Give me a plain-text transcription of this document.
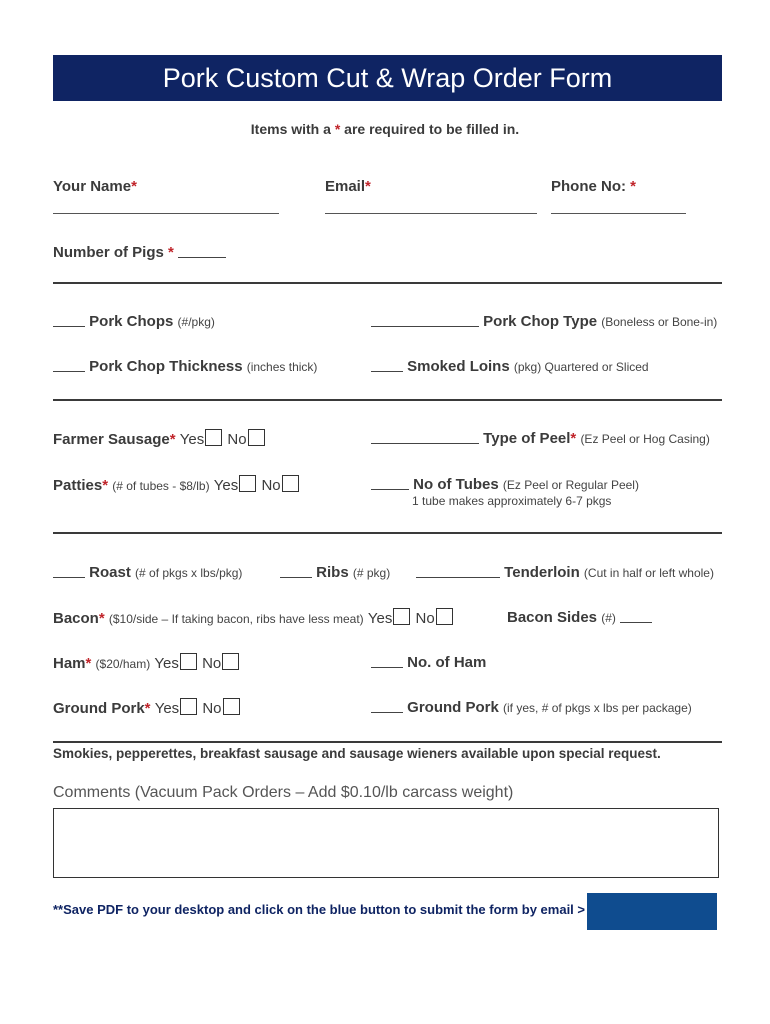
Pork Custom Cut & Wrap Order Form
Items with a * are required to be filled in.
Your Name*	Email*	Phone No: *
Number of Pigs *
Pork Chops (#/pkg)	Pork Chop Type (Boneless or Bone-in)
Pork Chop Thickness (inches thick)	Smoked Loins (pkg) Quartered or Sliced
Farmer Sausage* Yes No	Type of Peel* (Ez Peel or Hog Casing)
Patties* (# of tubes - $8/lb) Yes No	No of Tubes (Ez Peel or Regular Peel)
1 tube makes approximately 6-7 pkgs
Roast (# of pkgs x lbs/pkg)	Ribs (# pkg)	Tenderloin (Cut in half or left whole)
Bacon* ($10/side – If taking bacon, ribs have less meat) Yes No	Bacon Sides (#)
Ham* ($20/ham) Yes No	No. of Ham
Ground Pork* Yes No	Ground Pork (if yes, # of pkgs x lbs per package)
Smokies, pepperettes, breakfast sausage and sausage wieners available upon special request.
Comments (Vacuum Pack Orders – Add $0.10/lb carcass weight)
**Save PDF to your desktop and click on the blue button to submit the form by email >
